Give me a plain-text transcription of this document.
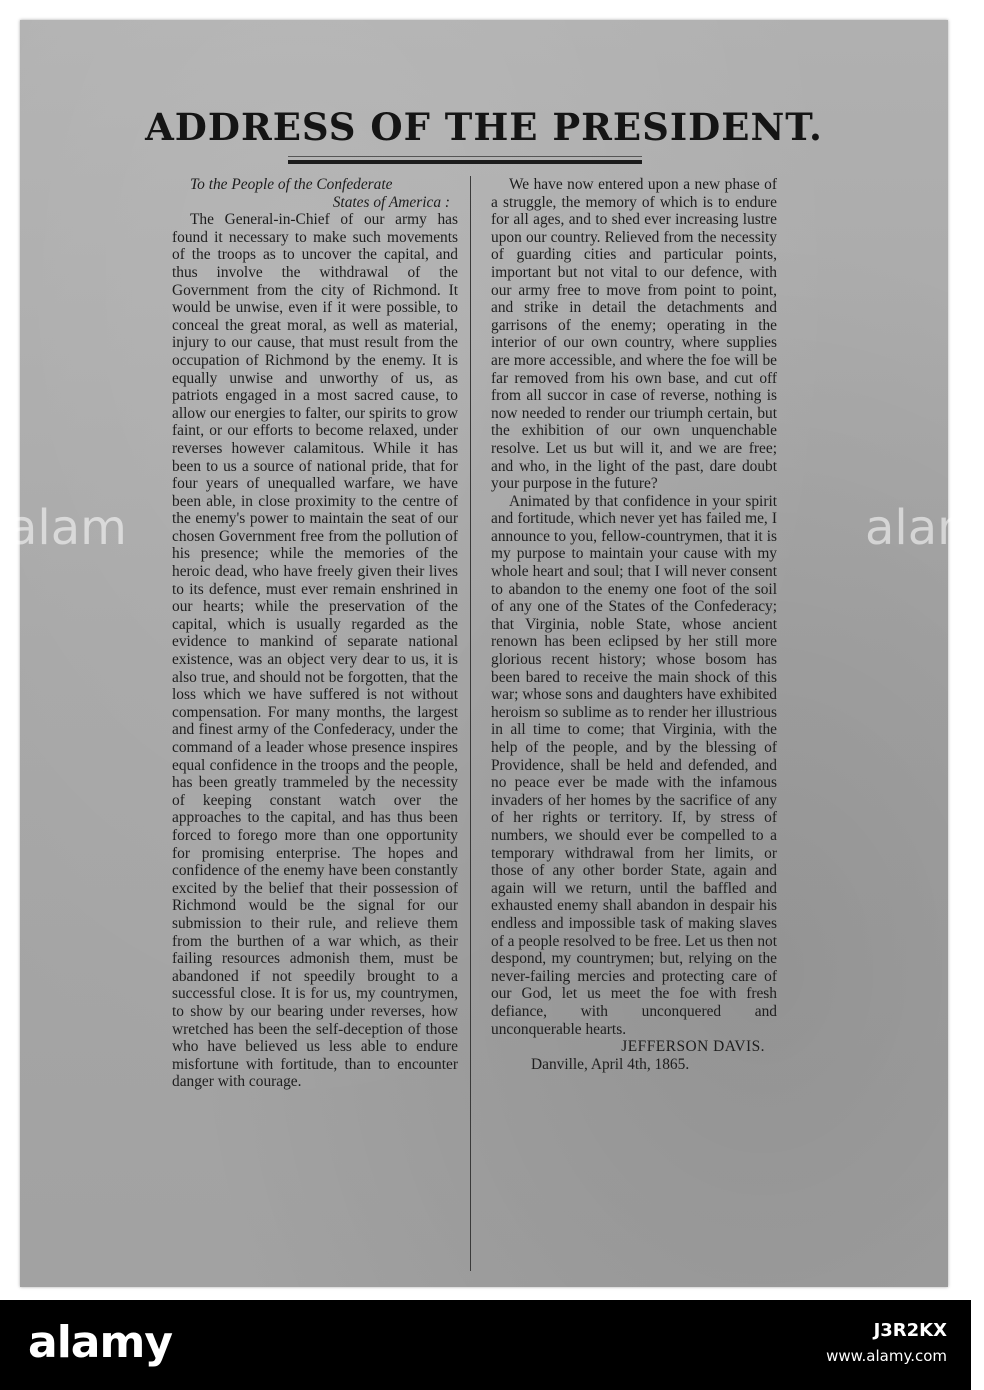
alam	alam
ADDRESS OF THE PRESIDENT.

To the People of the Confederate
States of America :

The General-in-Chief of our army has found it necessary to make such movements of the troops as to uncover the capital, and thus involve the withdrawal of the Government from the city of Richmond. It would be unwise, even if it were possible, to conceal the great moral, as well as material, injury to our cause, that must result from the occupation of Richmond by the enemy. It is equally unwise and unworthy of us, as patriots engaged in a most sacred cause, to allow our energies to falter, our spirits to grow faint, or our efforts to become relaxed, under reverses however calamitous. While it has been to us a source of national pride, that for four years of unequalled warfare, we have been able, in close proximity to the centre of the enemy's power to maintain the seat of our chosen Government free from the pollution of his presence; while the memories of the heroic dead, who have freely given their lives to its defence, must ever remain enshrined in our hearts; while the preservation of the capital, which is usually regarded as the evidence to mankind of separate national existence, was an object very dear to us, it is also true, and should not be forgotten, that the loss which we have suffered is not without compensation. For many months, the largest and finest army of the Confederacy, under the command of a leader whose presence inspires equal confidence in the troops and the people, has been greatly trammeled by the necessity of keeping constant watch over the approaches to the capital, and has thus been forced to forego more than one opportunity for promising enterprise. The hopes and confidence of the enemy have been constantly excited by the belief that their possession of Richmond would be the signal for our submission to their rule, and relieve them from the burthen of a war which, as their failing resources admonish them, must be abandoned if not speedily brought to a successful close. It is for us, my countrymen, to show by our bearing under reverses, how wretched has been the self-deception of those who have believed us less able to endure misfortune with fortitude, than to encounter danger with courage.

We have now entered upon a new phase of a struggle, the memory of which is to endure for all ages, and to shed ever increasing lustre upon our country. Relieved from the necessity of guarding cities and particular points, important but not vital to our defence, with our army free to move from point to point, and strike in detail the detachments and garrisons of the enemy; operating in the interior of our own country, where supplies are more accessible, and where the foe will be far removed from his own base, and cut off from all succor in case of reverse, nothing is now needed to render our triumph certain, but the exhibition of our own unquenchable resolve. Let us but will it, and we are free; and who, in the light of the past, dare doubt your purpose in the future?

Animated by that confidence in your spirit and fortitude, which never yet has failed me, I announce to you, fellow-countrymen, that it is my purpose to maintain your cause with my whole heart and soul; that I will never consent to abandon to the enemy one foot of the soil of any one of the States of the Confederacy; that Virginia, noble State, whose ancient renown has been eclipsed by her still more glorious recent history; whose bosom has been bared to receive the main shock of this war; whose sons and daughters have exhibited heroism so sublime as to render her illustrious in all time to come; that Virginia, with the help of the people, and by the blessing of Providence, shall be held and defended, and no peace ever be made with the infamous invaders of her homes by the sacrifice of any of her rights or territory. If, by stress of numbers, we should ever be compelled to a temporary withdrawal from her limits, or those of any other border State, again and again will we return, until the baffled and exhausted enemy shall abandon in despair his endless and impossible task of making slaves of a people resolved to be free. Let us then not despond, my countrymen; but, relying on the never-failing mercies and protecting care of our God, let us meet the foe with fresh defiance, with unconquered and unconquerable hearts.

JEFFERSON DAVIS.

Danville, April 4th, 1865.

alamy	J3R2KX
www.alamy.com
